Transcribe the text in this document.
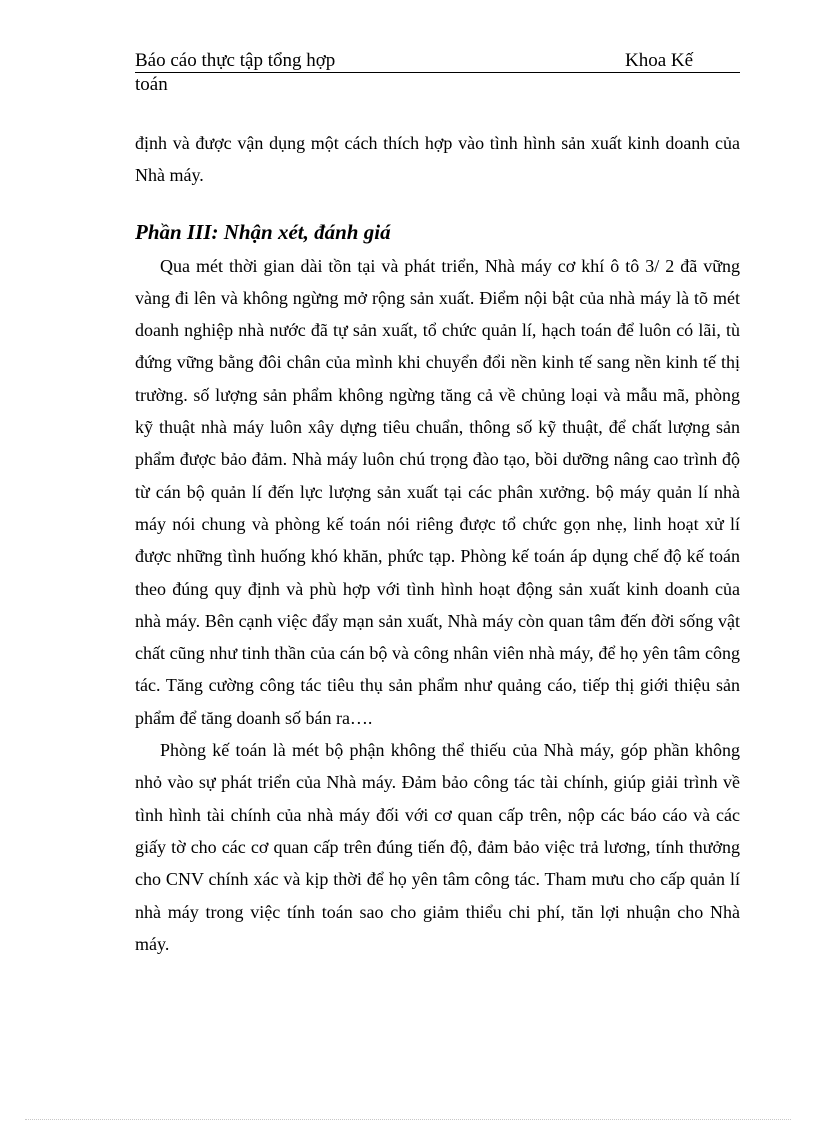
Báo cáo thực tập tổng hợp	Khoa Kế
toán

định và được vận dụng một cách thích hợp vào tình hình sản xuất kinh doanh của Nhà máy.

Phần III: Nhận xét, đánh giá

Qua mét thời gian dài tồn tại và phát triển, Nhà máy cơ khí ô tô 3/ 2 đã vững vàng đi lên và không ngừng mở rộng sản xuất. Điểm nội bật của nhà máy là tõ mét doanh nghiệp nhà nước đã tự sản xuất, tổ chức quản lí, hạch toán để luôn có lãi, tù đứng vững bằng đôi chân của mình khi chuyển đổi nền kinh tế sang nền kinh tế thị trường. số lượng sản phẩm không ngừng tăng cả về chủng loại và mẫu mã, phòng kỹ thuật nhà máy luôn xây dựng tiêu chuẩn, thông số kỹ thuật, để chất lượng sản phẩm được bảo đảm. Nhà máy luôn chú trọng đào tạo, bồi dưỡng nâng cao trình độ từ cán bộ quản lí đến lực lượng sản xuất tại các phân xưởng. bộ máy quản lí nhà máy nói chung và phòng kế toán nói riêng được tổ chức gọn nhẹ, linh hoạt xử lí được những tình huống khó khăn, phức tạp. Phòng kế toán áp dụng chế độ kế toán theo đúng quy định và phù hợp với tình hình hoạt động sản xuất kinh doanh của nhà máy. Bên cạnh việc đẩy mạn sản xuất, Nhà máy còn quan tâm đến đời sống vật chất cũng như tinh thần của cán bộ và công nhân viên nhà máy, để họ yên tâm công tác. Tăng cường công tác tiêu thụ sản phẩm như quảng cáo, tiếp thị giới thiệu sản phẩm để tăng doanh số bán ra….

Phòng kế toán là mét bộ phận không thể thiếu của Nhà máy, góp phần không nhỏ vào sự phát triển của Nhà máy. Đảm bảo công tác tài chính, giúp giải trình về tình hình tài chính của nhà máy đối với cơ quan cấp trên, nộp các báo cáo và các giấy tờ cho các cơ quan cấp trên đúng tiến độ, đảm bảo việc trả lương, tính thưởng cho CNV chính xác và kịp thời để họ yên tâm công tác. Tham mưu cho cấp quản lí nhà máy trong việc tính toán sao cho giảm thiểu chi phí, tăn lợi nhuận cho Nhà máy.
